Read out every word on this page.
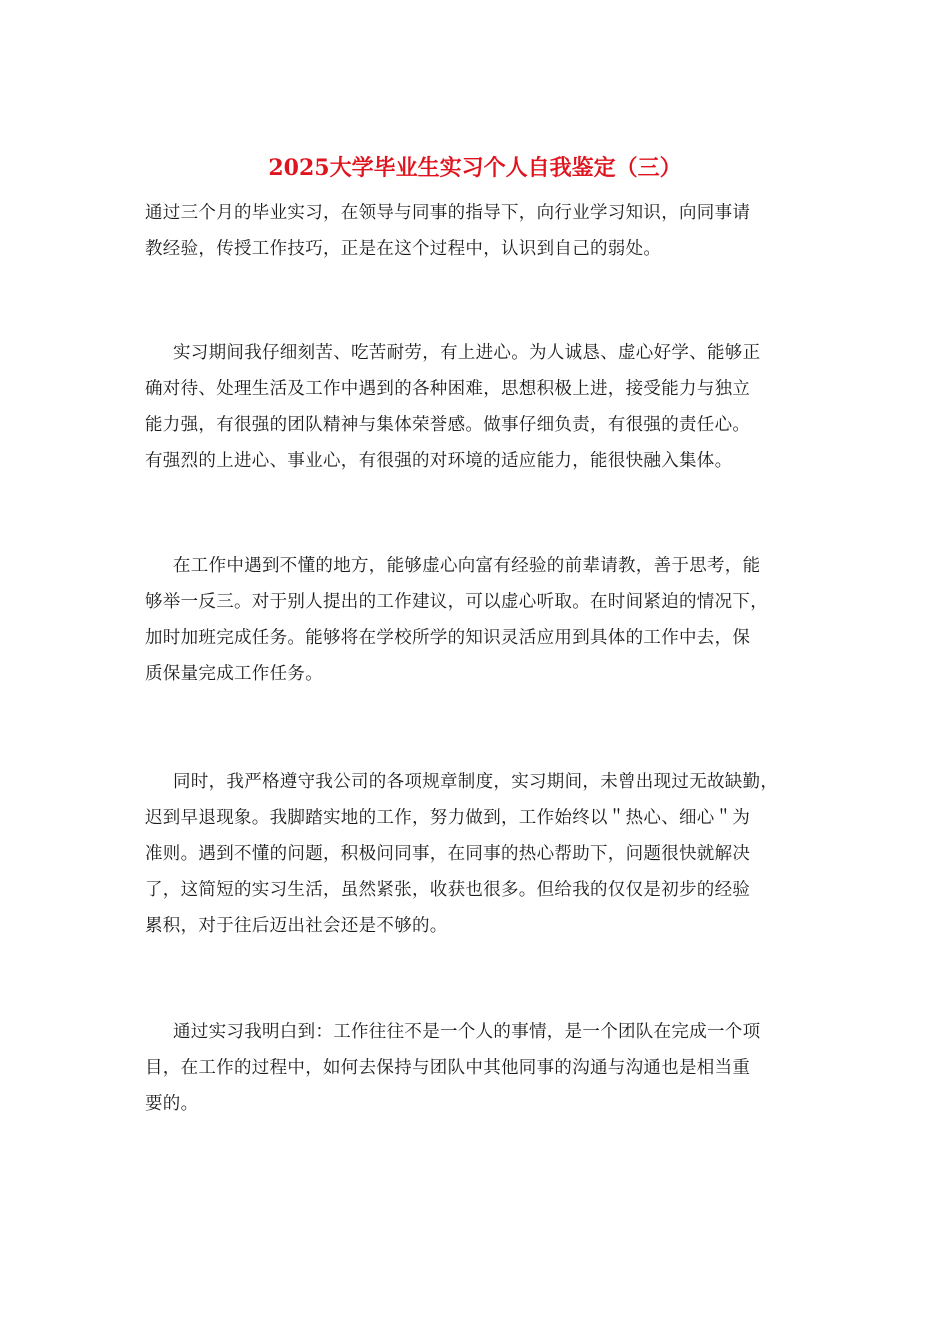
2025大学毕业生实习个人自我鉴定（三）

通过三个月的毕业实习，在领导与同事的指导下，向行业学习知识，向同事请
教经验，传授工作技巧，正是在这个过程中，认识到自己的弱处。

实习期间我仔细刻苦、吃苦耐劳，有上进心。为人诚恳、虚心好学、能够正
确对待、处理生活及工作中遇到的各种困难，思想积极上进，接受能力与独立
能力强，有很强的团队精神与集体荣誉感。做事仔细负责，有很强的责任心。
有强烈的上进心、事业心，有很强的对环境的适应能力，能很快融入集体。

在工作中遇到不懂的地方，能够虚心向富有经验的前辈请教，善于思考，能
够举一反三。对于别人提出的工作建议，可以虚心听取。在时间紧迫的情况下，
加时加班完成任务。能够将在学校所学的知识灵活应用到具体的工作中去，保
质保量完成工作任务。

同时，我严格遵守我公司的各项规章制度，实习期间，未曾出现过无故缺勤，
迟到早退现象。我脚踏实地的工作，努力做到，工作始终以＂热心、细心＂为
准则。遇到不懂的问题，积极问同事，在同事的热心帮助下，问题很快就解决
了，这简短的实习生活，虽然紧张，收获也很多。但给我的仅仅是初步的经验
累积，对于往后迈出社会还是不够的。

通过实习我明白到：工作往往不是一个人的事情，是一个团队在完成一个项
目，在工作的过程中，如何去保持与团队中其他同事的沟通与沟通也是相当重
要的。
